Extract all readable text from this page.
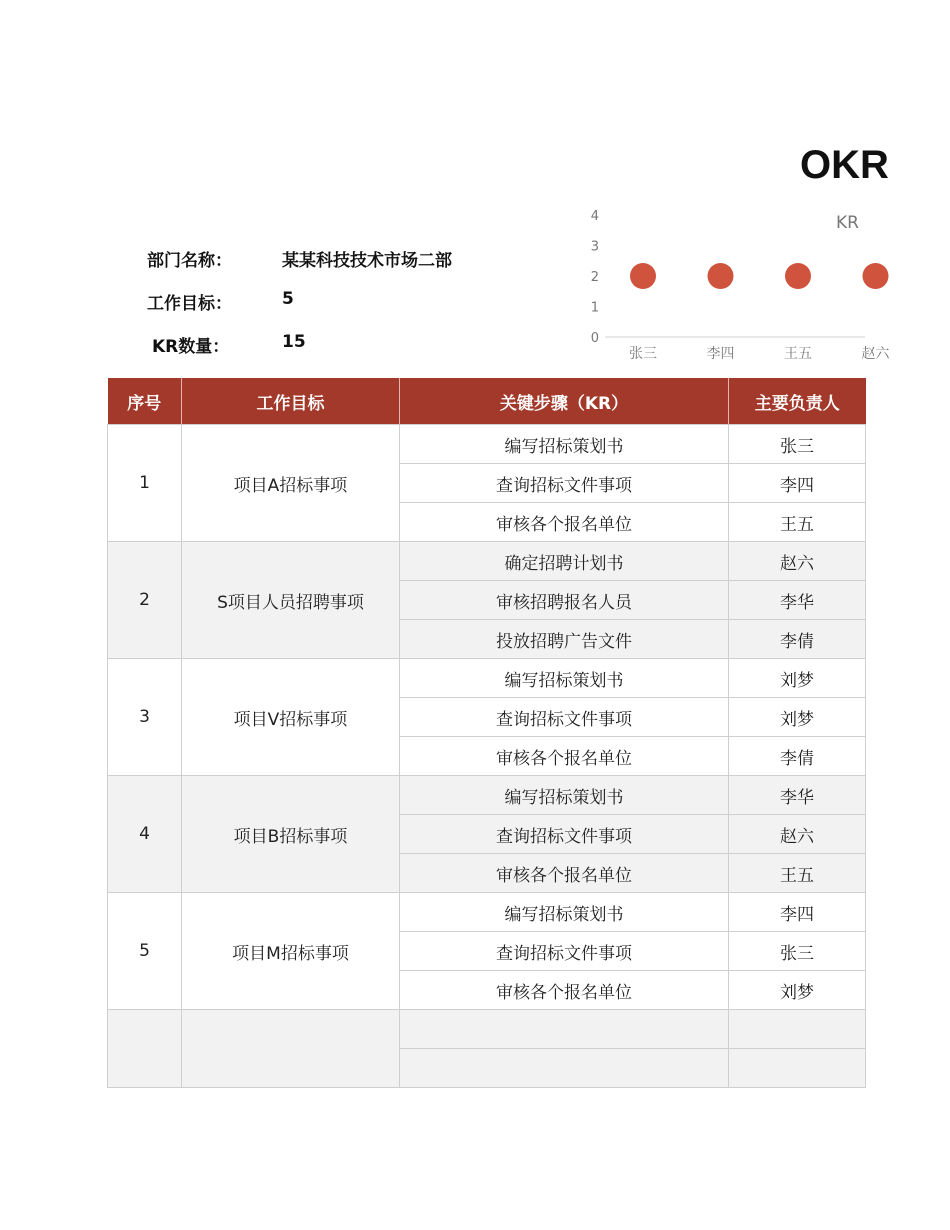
OKR
部门名称：	某某科技技术市场二部
工作目标：	5
KR数量：	15	0
1
2
3
4	KR
张三	李四	王五	赵六
序号	工作目标	关键步骤（KR）	主要负责人
1	项目A招标事项	编写招标策划书	张三
		查询招标文件事项	李四
		审核各个报名单位	王五
2	S项目人员招聘事项	确定招聘计划书	赵六
		审核招聘报名人员	李华
		投放招聘广告文件	李倩
3	项目V招标事项	编写招标策划书	刘梦
		查询招标文件事项	刘梦
		审核各个报名单位	李倩
4	项目B招标事项	编写招标策划书	李华
		查询招标文件事项	赵六
		审核各个报名单位	王五
5	项目M招标事项	编写招标策划书	李四
		查询招标文件事项	张三
		审核各个报名单位	刘梦
